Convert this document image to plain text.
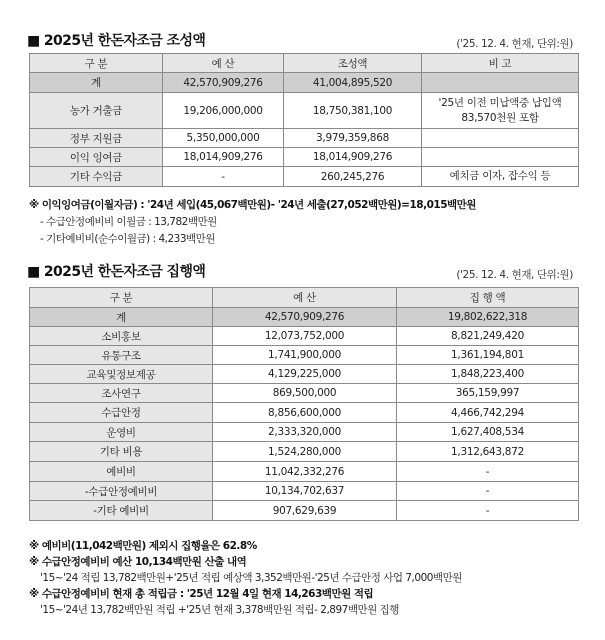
■ 2025년 한돈자조금 조성액	('25. 12. 4. 현재, 단위:원)
구 분	예 산	조성액	비 고
계	42,570,909,276	41,004,895,520	
농가 거출금	19,206,000,000	18,750,381,100	'25년 이전 미납액중 납입액 83,570천원 포함
정부 지원금	5,350,000,000	3,979,359,868	
이익 잉여금	18,014,909,276	18,014,909,276	
기타 수익금	-	260,245,276	예치금 이자, 잡수익 등
※ 이익잉여금(이월자금) : '24년 세입(45,067백만원)- '24년 세출(27,052백만원)=18,015백만원
- 수급안정예비비 이월금 : 13,782백만원
- 기타예비비(순수이월금) : 4,233백만원
■ 2025년 한돈자조금 집행액	('25. 12. 4. 현재, 단위:원)
구 분	예 산	집 행 액
계	42,570,909,276	19,802,622,318
소비홍보	12,073,752,000	8,821,249,420
유통구조	1,741,900,000	1,361,194,801
교육및정보제공	4,129,225,000	1,848,223,400
조사연구	869,500,000	365,159,997
수급안정	8,856,600,000	4,466,742,294
운영비	2,333,320,000	1,627,408,534
기타 비용	1,524,280,000	1,312,643,872
예비비	11,042,332,276	-
-수급안정예비비	10,134,702,637	-
-기타 예비비	907,629,639	-
※ 예비비(11,042백만원) 제외시 집행율은 62.8%
※ 수급안정예비비 예산 10,134백만원 산출 내역
'15~'24 적립 13,782백만원+'25년 적립 예상액 3,352백만원-'25년 수급안정 사업 7,000백만원
※ 수급안정예비비 현재 총 적립금 : '25년 12월 4일 현재 14,263백만원 적립
'15~'24년 13,782백만원 적립 +'25년 현재 3,378백만원 적립- 2,897백만원 집행
